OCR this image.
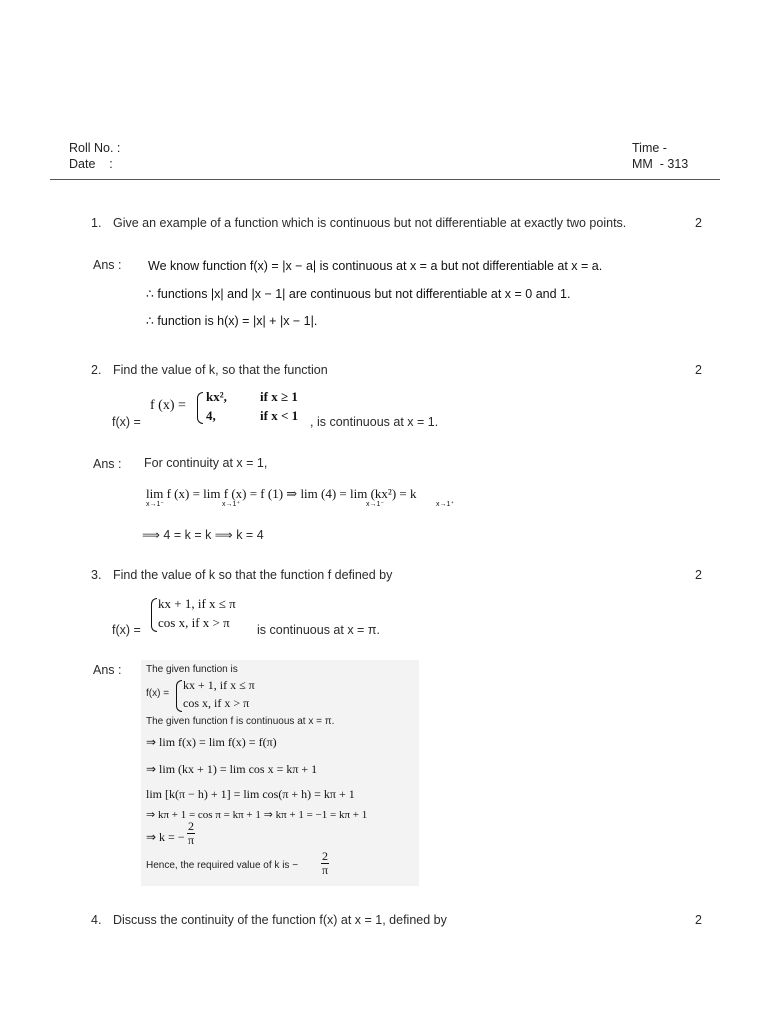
Roll No. :
Date    :
Time -
MM  - 313
1. Give an example of a function which is continuous but not differentiable at exactly two points.	2
Ans : We know function f(x) = |x − a| is continuous at x = a but not differentiable at x = a.
∴ functions |x| and |x − 1| are continuous but not differentiable at x = 0 and 1.
∴ function is h(x) = |x| + |x − 1|.
2. Find the value of k, so that the function	2
f(x) =
f (x) =
kx²,	if x ≥ 1
4,	if x < 1 , is continuous at x = 1.
Ans : For continuity at x = 1,
lim f (x) = lim f (x) = f (1) ⇒ lim (4) = lim (kx²) = k
x→1⁻	x→1⁺	x→1⁻	x→1⁺
⟹ 4 = k = k ⟹ k = 4
3. Find the value of k so that the function f defined by	2
f(x) =
kx + 1, if x ≤ π
cos x, if x > π is continuous at x = π.
Ans : The given function is
f(x) =
kx + 1, if x ≤ π
cos x, if x > π
The given function f is continuous at x = π.
⇒ lim f(x) = lim f(x) = f(π)
⇒ lim (kx + 1) = lim cos x = kπ + 1
lim [k(π − h) + 1] = lim cos(π + h) = kπ + 1
⇒ kπ + 1 = cos π = kπ + 1 ⇒ kπ + 1 = −1 = kπ + 1
⇒ k = − $\frac{2}{\pi}$
Hence, the required value of k is − $\frac{2}{\pi}$
4. Discuss the continuity of the function f(x) at x = 1, defined by	2
